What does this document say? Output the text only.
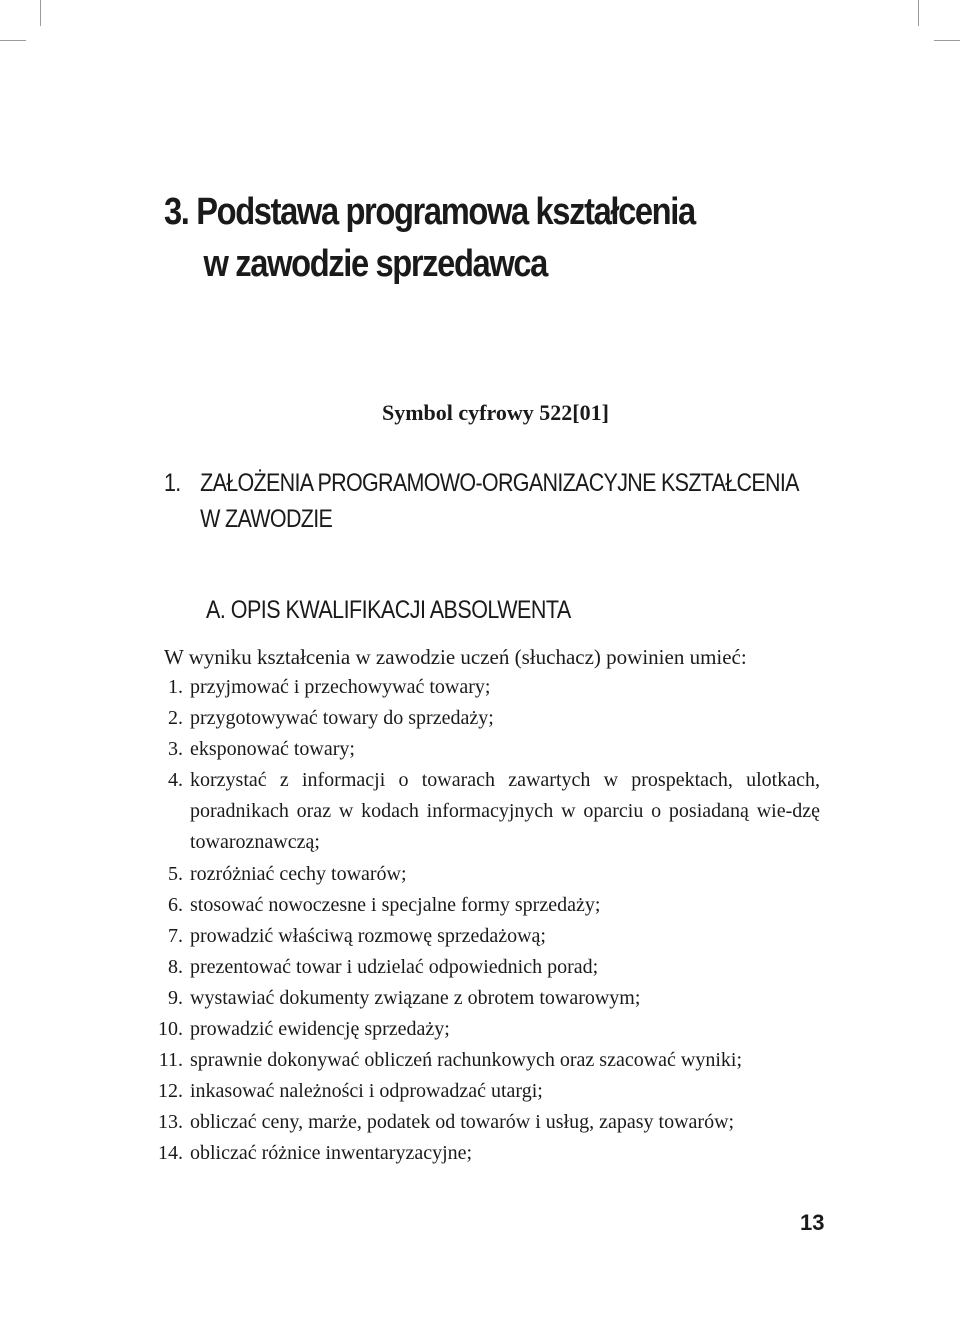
3. Podstawa programowa kształcenia
w zawodzie sprzedawca
Symbol cyfrowy 522[01]
1. ZAŁOŻENIA PROGRAMOWO-ORGANIZACYJNE KSZTAŁCENIA
W ZAWODZIE
A. OPIS KWALIFIKACJI ABSOLWENTA
W wyniku kształcenia w zawodzie uczeń (słuchacz) powinien umieć:
1. przyjmować i przechowywać towary;
2. przygotowywać towary do sprzedaży;
3. eksponować towary;
4. korzystać z informacji o towarach zawartych w prospektach, ulotkach, poradnikach oraz w kodach informacyjnych w oparciu o posiadaną wie-dzę towaroznawczą;
5. rozróżniać cechy towarów;
6. stosować nowoczesne i specjalne formy sprzedaży;
7. prowadzić właściwą rozmowę sprzedażową;
8. prezentować towar i udzielać odpowiednich porad;
9. wystawiać dokumenty związane z obrotem towarowym;
10. prowadzić ewidencję sprzedaży;
11. sprawnie dokonywać obliczeń rachunkowych oraz szacować wyniki;
12. inkasować należności i odprowadzać utargi;
13. obliczać ceny, marże, podatek od towarów i usług, zapasy towarów;
14. obliczać różnice inwentaryzacyjne;
13
